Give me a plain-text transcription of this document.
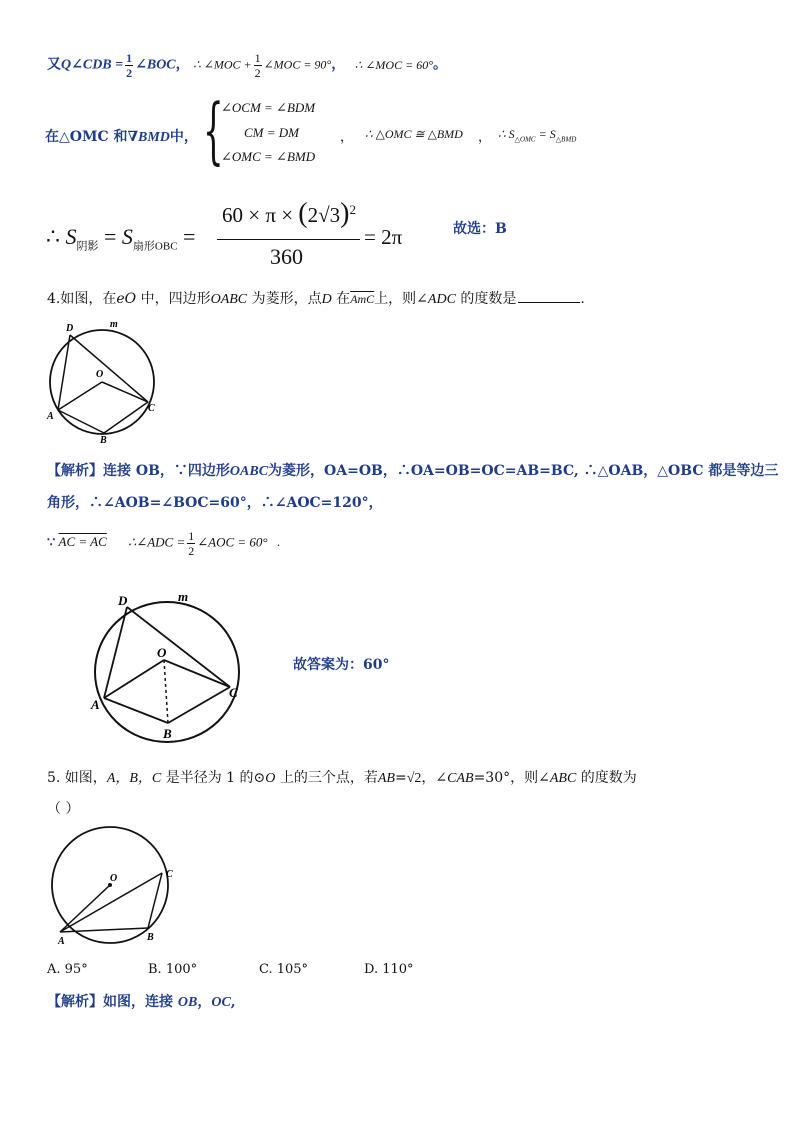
又Q∠CDB = $\frac{1}{2}$ ∠BOC， ∴ ∠MOC + $\frac{1}{2}$ ∠MOC = 90°， ∴ ∠MOC = 60°。
在△OMC 和∇BMD中， {
∠OCM = ∠BDM
CM = DM
∠OMC = ∠BMD
， ∴ △OMC ≅ △BMD ， ∴ $S_{\triangle OMC} = S_{\triangle BMD}$
∴ $S_{阴影} = S_{扇形OBC}$ =
$60 \times \pi \times (2√3)^2$
360
= 2π	故选：B
4.如图，在eO 中，四边形OABC 为菱形，点D 在$\overline{AmC}$上，则∠ADC 的度数是	.
D	m
O
A
C
B
【解析】连接 OB，∵四边形OABC为菱形，OA=OB，∴OA=OB=OC=AB=BC, ∴△OAB，△OBC 都是等边三
角形，∴∠AOB=∠BOC=60°，∴∠AOC=120°，
∵ AC = AC ∴∠ADC = $\frac{1}{2}$ ∠AOC = 60° .
D	m
O
A
C
B
故答案为：60°
5. 如图，A，B，C 是半径为 1 的⊙O 上的三个点，若AB=√2，∠CAB=30°，则∠ABC 的度数为
（ ）
O	C
A	B
A. 95°	B. 100°	C. 105°	D. 110°
【解析】如图，连接 OB，OC,
